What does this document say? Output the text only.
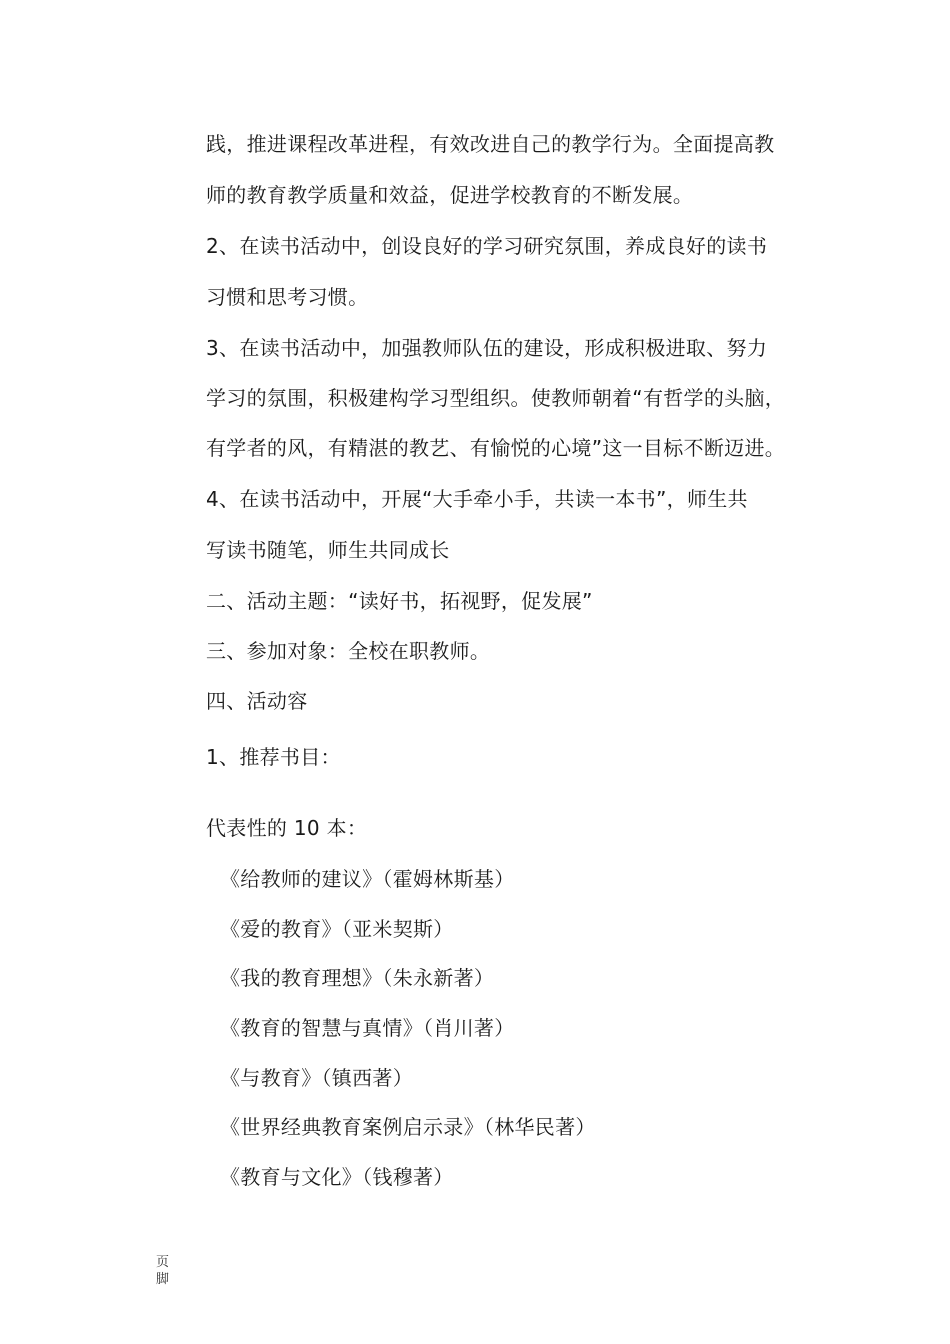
践，推进课程改革进程，有效改进自己的教学行为。全面提高教
师的教育教学质量和效益，促进学校教育的不断发展。
2、在读书活动中，创设良好的学习研究氛围，养成良好的读书
习惯和思考习惯。
3、在读书活动中，加强教师队伍的建设，形成积极进取、努力
学习的氛围，积极建构学习型组织。使教师朝着“有哲学的头脑，
有学者的风，有精湛的教艺、有愉悦的心境”这一目标不断迈进。
4、在读书活动中，开展“大手牵小手，共读一本书”，师生共
写读书随笔，师生共同成长
二、活动主题：“读好书，拓视野，促发展”
三、参加对象：全校在职教师。
四、活动容
1、推荐书目：
代表性的 10 本：
《给教师的建议》（霍姆林斯基）
《爱的教育》（亚米契斯）
《我的教育理想》（朱永新著）
《教育的智慧与真情》（肖川著）
《与教育》（镇西著）
《世界经典教育案例启示录》（林华民著）
《教育与文化》（钱穆著）
页
脚
